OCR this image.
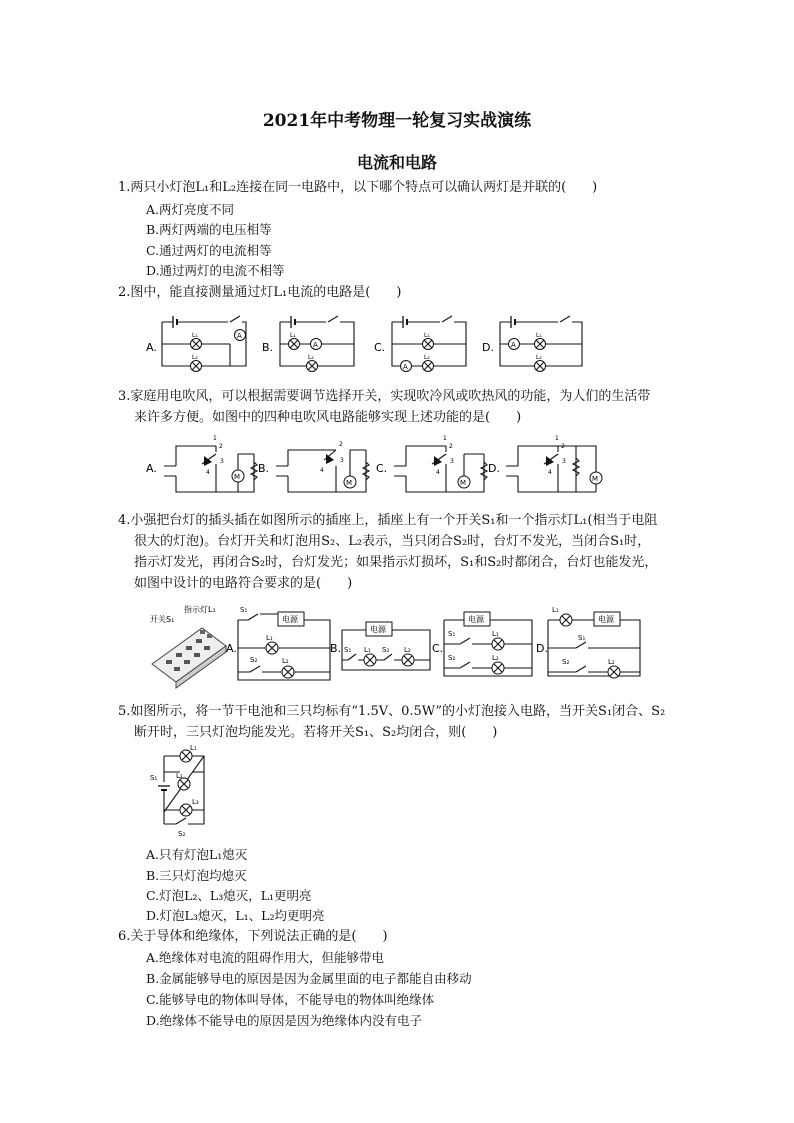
2021年中考物理一轮复习实战演练
电流和电路
1.两只小灯泡L₁和L₂连接在同一电路中，以下哪个特点可以确认两灯是并联的(　　)
A.两灯亮度不同
B.两灯两端的电压相等
C.通过两灯的电流相等
D.通过两灯的电流不相等
2.图中，能直接测量通过灯L₁电流的电路是(　　)
A.
A
L₁
L₂
B.	A
L₁
L₂
C.
A
L₁
L₂
D. A
L₁
L₂
3.家庭用电吹风，可以根据需要调节选择开关，实现吹冷风或吹热风的功能，为人们的生活带
来许多方便。如图中的四种电吹风电路能够实现上述功能的是(　　)
A.
M
1
2
3
4	B.
M
2
3
4	C.
M
1
2
3
4	D.
M
1
2
3
4
4.小强把台灯的插头插在如图所示的插座上，插座上有一个开关S₁和一个指示灯L₁(相当于电阻
很大的灯泡)。台灯开关和灯泡用S₂、L₂表示，当只闭合S₂时，台灯不发光，当闭合S₁时，
指示灯发光，再闭合S₂时，台灯发光；如果指示灯损坏，S₁和S₂时都闭合，台灯也能发光，
如图中设计的电路符合要求的是(　　)
开关S₁
指示灯L₁
A.
电源
S₁
L₁
S₂	L₂
B.
电源
S₁ L₁ S₂ L₂ C.
电源
S₁	L₁
S₂	L₂
D.
电源
L₁
S₁
S₂	L₂
5.如图所示，将一节干电池和三只均标有“1.5V、0.5W”的小灯泡接入电路，当开关S₁闭合、S₂
断开时，三只灯泡均能发光。若将开关S₁、S₂均闭合，则(　　)
L₁
L₂
L₃
S₁
S₂
A.只有灯泡L₁熄灭
B.三只灯泡均熄灭
C.灯泡L₂、L₃熄灭，L₁更明亮
D.灯泡L₃熄灭，L₁、L₂均更明亮
6.关于导体和绝缘体，下列说法正确的是(　　)
A.绝缘体对电流的阻碍作用大，但能够带电
B.金属能够导电的原因是因为金属里面的电子都能自由移动
C.能够导电的物体叫导体，不能导电的物体叫绝缘体
D.绝缘体不能导电的原因是因为绝缘体内没有电子
